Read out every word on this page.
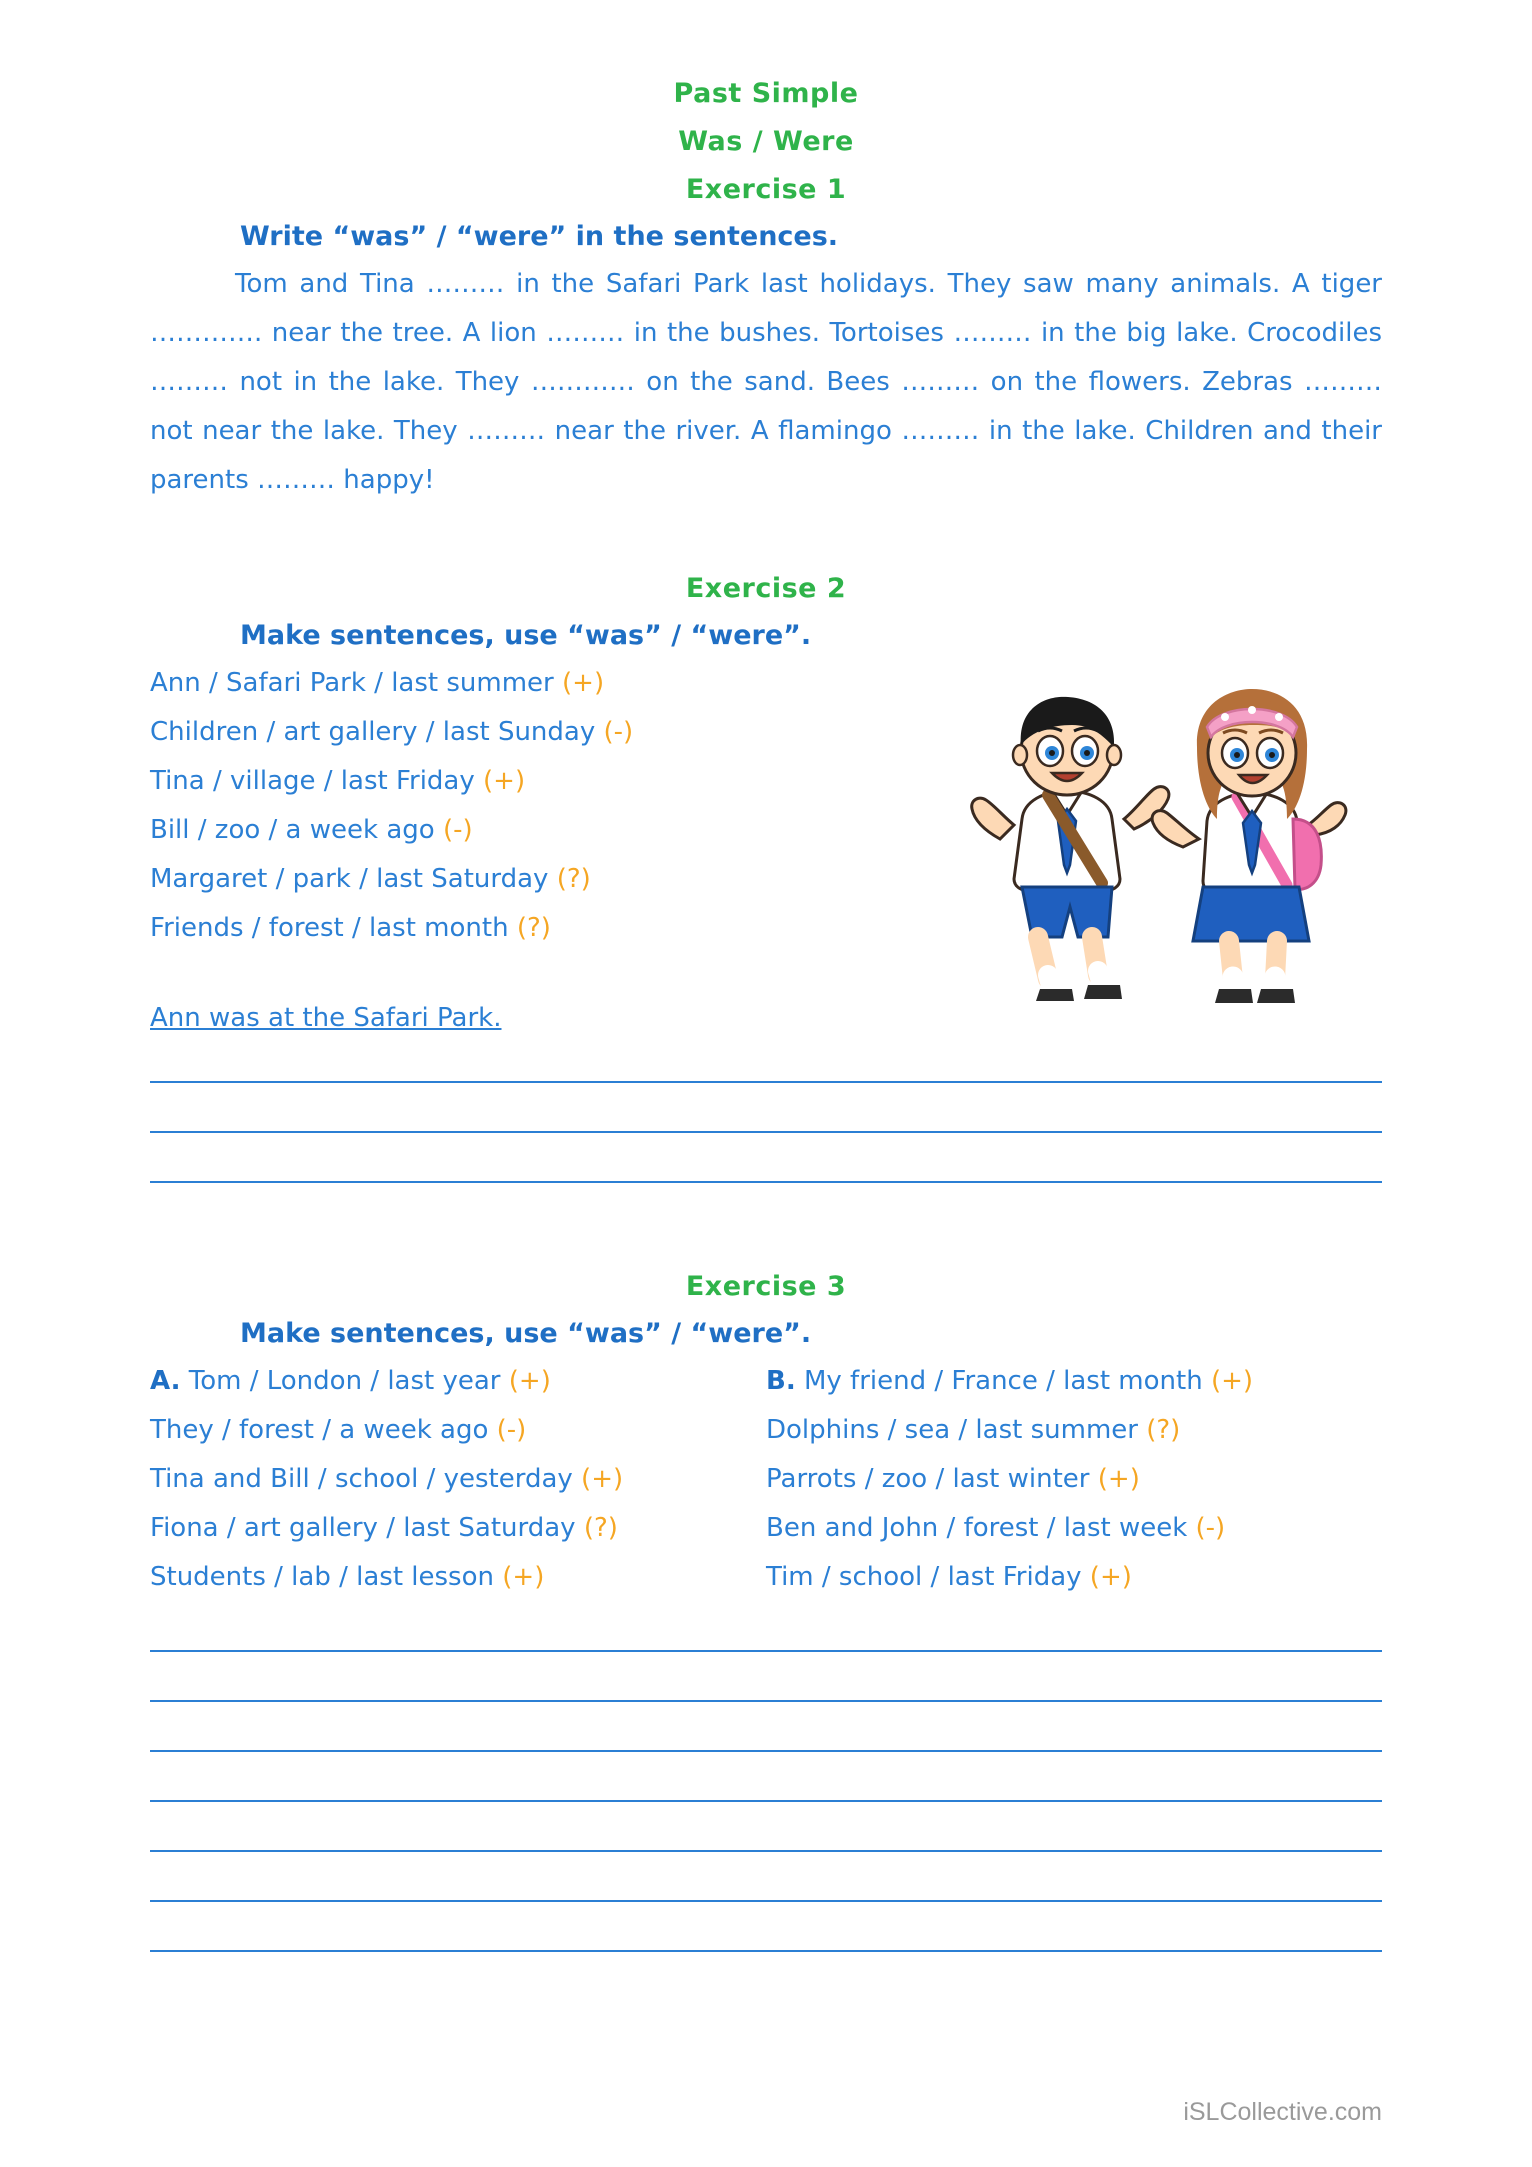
Past Simple
Was / Were
Exercise 1
Write “was” / “were” in the sentences.
Tom and Tina ……… in the Safari Park last holidays. They saw many animals. A tiger …………. near the tree. A lion ……… in the bushes. Tortoises ……… in the big lake. Crocodiles ……… not in the lake. They ………… on the sand. Bees ……… on the flowers. Zebras ……… not near the lake. They ……… near the river. A flamingo ……… in the lake. Children and their parents ……… happy!
Exercise 2
Make sentences, use “was” / “were”.
Ann / Safari Park / last summer (+)
Children / art gallery / last Sunday (-)
Tina / village / last Friday (+)
Bill / zoo / a week ago (-)
Margaret / park / last Saturday (?)
Friends / forest / last month (?)
Ann was at the Safari Park.
Exercise 3
Make sentences, use “was” / “were”.
A. Tom / London / last year (+)
They / forest / a week ago (-)
Tina and Bill / school / yesterday (+)
Fiona / art gallery / last Saturday (?)
Students / lab / last lesson (+)
B. My friend / France / last month (+)
Dolphins / sea / last summer (?)
Parrots / zoo / last winter (+)
Ben and John / forest / last week (-)
Tim / school / last Friday (+)
iSLCollective.com
